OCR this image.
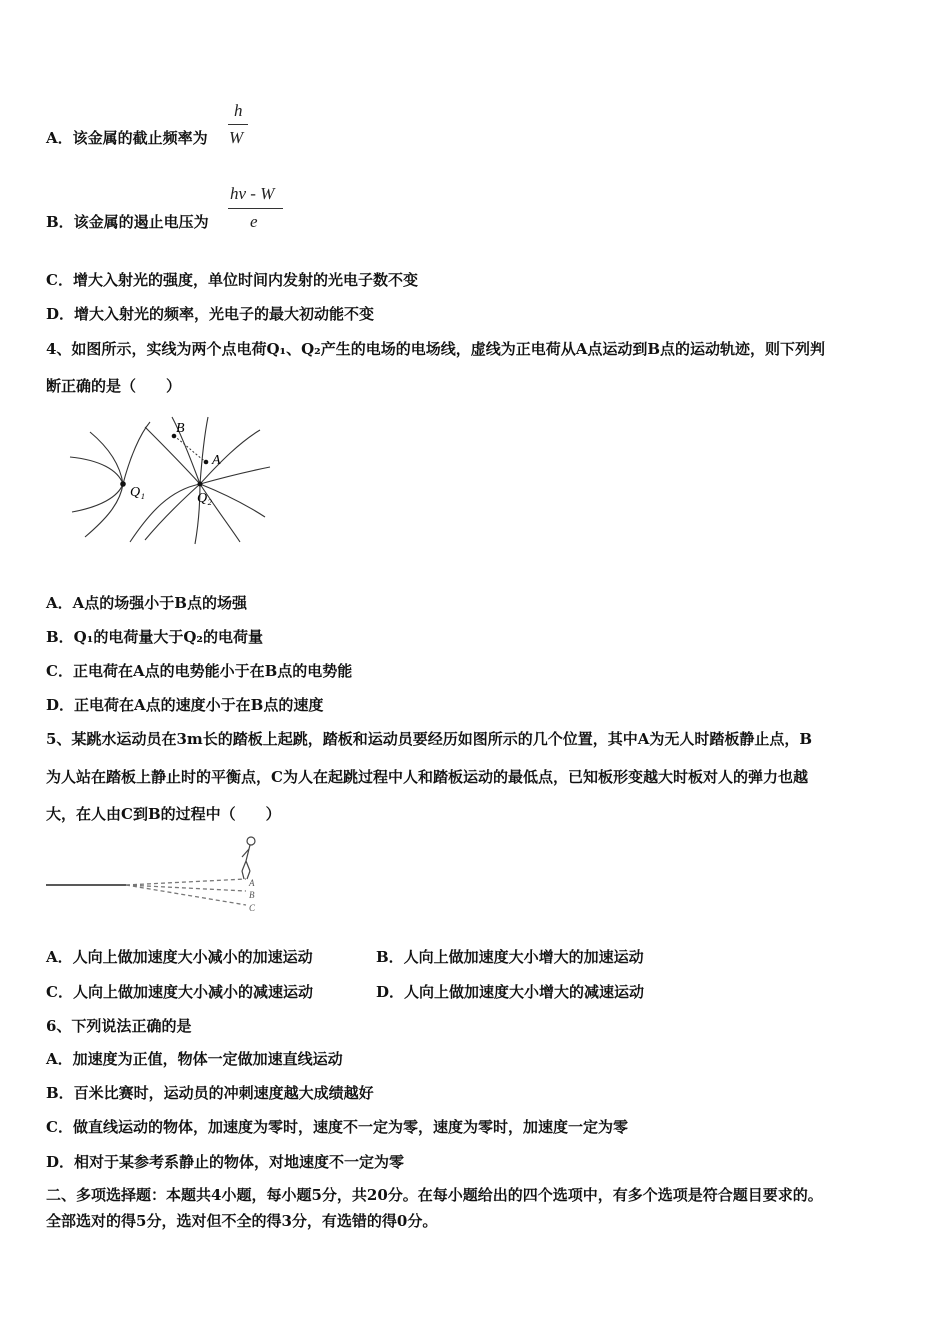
A．该金属的截止频率为
h
W
B．该金属的遏止电压为
hν - W
e
C．增大入射光的强度，单位时间内发射的光电子数不变
D．增大入射光的频率，光电子的最大初动能不变
4、如图所示，实线为两个点电荷Q₁、Q₂产生的电场的电场线，虚线为正电荷从A点运动到B点的运动轨迹，则下列判
断正确的是（　　）
B
A
Q₁	Q₂
A．A点的场强小于B点的场强
B．Q₁的电荷量大于Q₂的电荷量
C．正电荷在A点的电势能小于在B点的电势能
D．正电荷在A点的速度小于在B点的速度
5、某跳水运动员在3m长的踏板上起跳，踏板和运动员要经历如图所示的几个位置，其中A为无人时踏板静止点，B
为人站在踏板上静止时的平衡点，C为人在起跳过程中人和踏板运动的最低点，已知板形变越大时板对人的弹力也越
大，在人由C到B的过程中（　　）
A
B
C
A．人向上做加速度大小减小的加速运动	B．人向上做加速度大小增大的加速运动
C．人向上做加速度大小减小的减速运动	D．人向上做加速度大小增大的减速运动
6、下列说法正确的是
A．加速度为正值，物体一定做加速直线运动
B．百米比赛时，运动员的冲刺速度越大成绩越好
C．做直线运动的物体，加速度为零时，速度不一定为零，速度为零时，加速度一定为零
D．相对于某参考系静止的物体，对地速度不一定为零
二、多项选择题：本题共4小题，每小题5分，共20分。在每小题给出的四个选项中，有多个选项是符合题目要求的。
全部选对的得5分，选对但不全的得3分，有选错的得0分。
